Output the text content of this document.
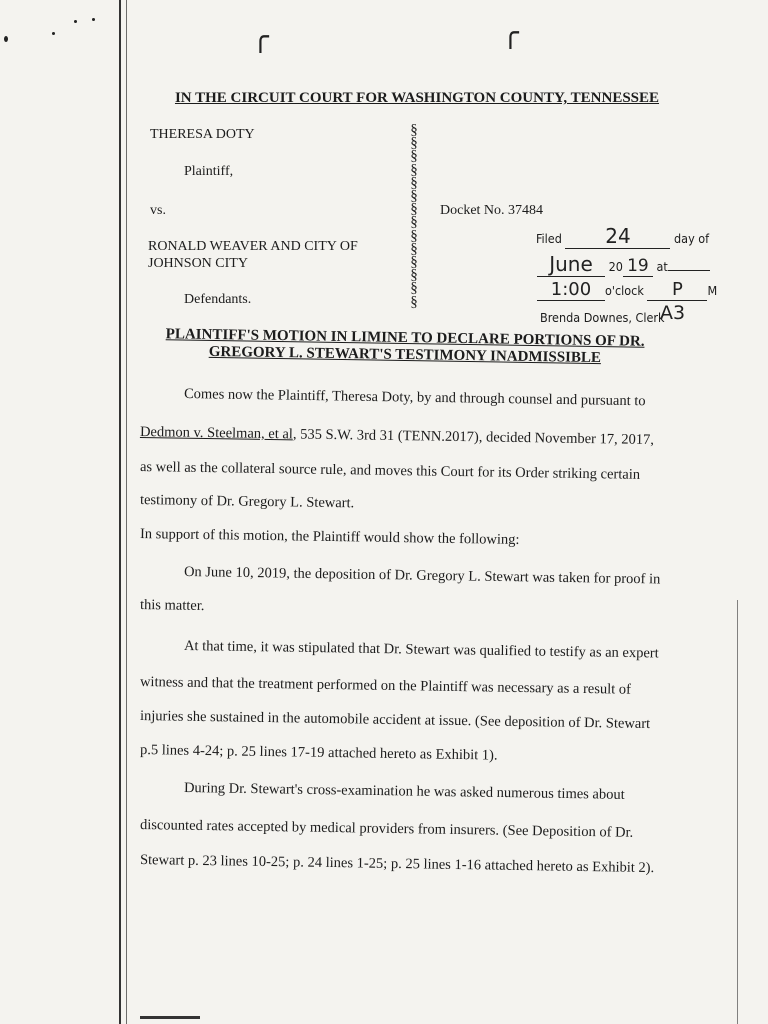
╭	╭
IN THE CIRCUIT COURT FOR WASHINGTON COUNTY, TENNESSEE
THERESA DOTY
Plaintiff,
vs.
RONALD WEAVER AND CITY OF
JOHNSON CITY
Defendants.
§
§
§
§
§
§
§
§
§
§
§
§
§
§
Docket No. 37484
Filed 24	day of
June 20 19 at
1:00 o'clock P M
Brenda Downes, Clerk
A3
PLAINTIFF'S MOTION IN LIMINE TO DECLARE PORTIONS OF DR.
GREGORY L. STEWART'S TESTIMONY INADMISSIBLE
Comes now the Plaintiff, Theresa Doty, by and through counsel and pursuant to
Dedmon v. Steelman, et al, 535 S.W. 3rd 31 (TENN.2017), decided November 17, 2017,
as well as the collateral source rule, and moves this Court for its Order striking certain
testimony of Dr. Gregory L. Stewart.
In support of this motion, the Plaintiff would show the following:
On June 10, 2019, the deposition of Dr. Gregory L. Stewart was taken for proof in
this matter.
At that time, it was stipulated that Dr. Stewart was qualified to testify as an expert
witness and that the treatment performed on the Plaintiff was necessary as a result of
injuries she sustained in the automobile accident at issue. (See deposition of Dr. Stewart
p.5 lines 4-24; p. 25 lines 17-19 attached hereto as Exhibit 1).
During Dr. Stewart's cross-examination he was asked numerous times about
discounted rates accepted by medical providers from insurers. (See Deposition of Dr.
Stewart p. 23 lines 10-25; p. 24 lines 1-25; p. 25 lines 1-16 attached hereto as Exhibit 2).
